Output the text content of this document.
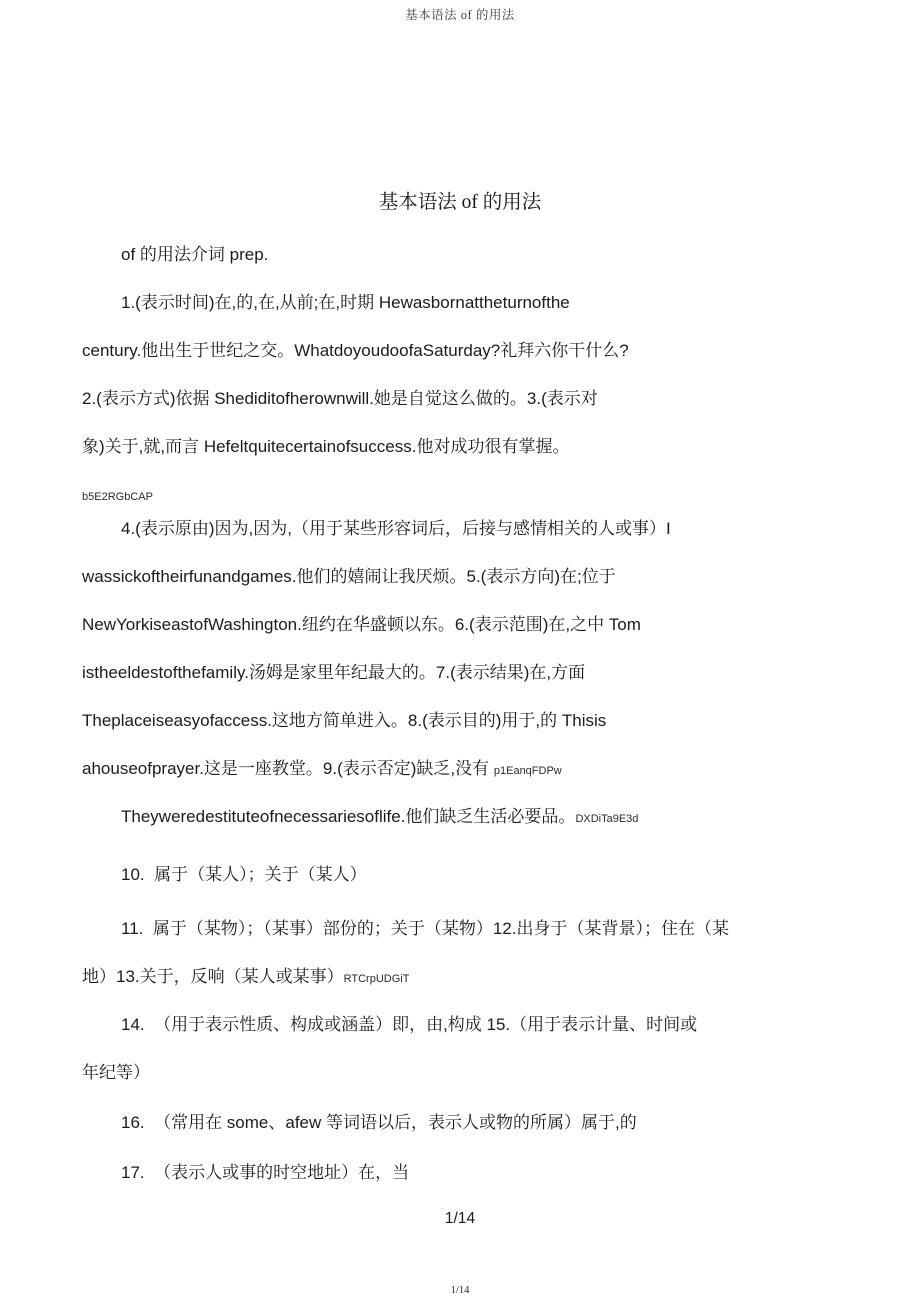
基本语法 of 的用法
基本语法 of 的用法
of 的用法介词 prep.
1.(表示时间)在,的,在,从前;在,时期 Hewasbornattheturnofthe
century.他出生于世纪之交。WhatdoyoudoofaSaturday?礼拜六你干什么?
2.(表示方式)依据 Shediditofherownwill.她是自觉这么做的。3.(表示对
象)关于,就,而言 Hefeltquitecertainofsuccess.他对成功很有掌握。
b5E2RGbCAP
4.(表示原由)因为,因为,（用于某些形容词后，后接与感情相关的人或事）I
wassickoftheirfunandgames.他们的嬉闹让我厌烦。5.(表示方向)在;位于
NewYorkiseastofWashington.纽约在华盛顿以东。6.(表示范围)在,之中 Tom
istheeldestofthefamily.汤姆是家里年纪最大的。7.(表示结果)在,方面
Theplaceiseasyofaccess.这地方简单进入。8.(表示目的)用于,的 Thisis
ahouseofprayer.这是一座教堂。9.(表示否定)缺乏,没有 p1EanqFDPw
Theyweredestituteofnecessariesoflife.他们缺乏生活必要品。DXDiTa9E3d
10.  属于（某人）；关于（某人）
11.  属于（某物）；（某事）部份的；关于（某物）12.出身于（某背景）；住在（某
地）13.关于，反响（某人或某事）RTCrpUDGiT
14.  （用于表示性质、构成或涵盖）即，由,构成 15.（用于表示计量、时间或
年纪等）
16.  （常用在 some、afew 等词语以后，表示人或物的所属）属于,的
17.  （表示人或事的时空地址）在，当
1/14
1/14
